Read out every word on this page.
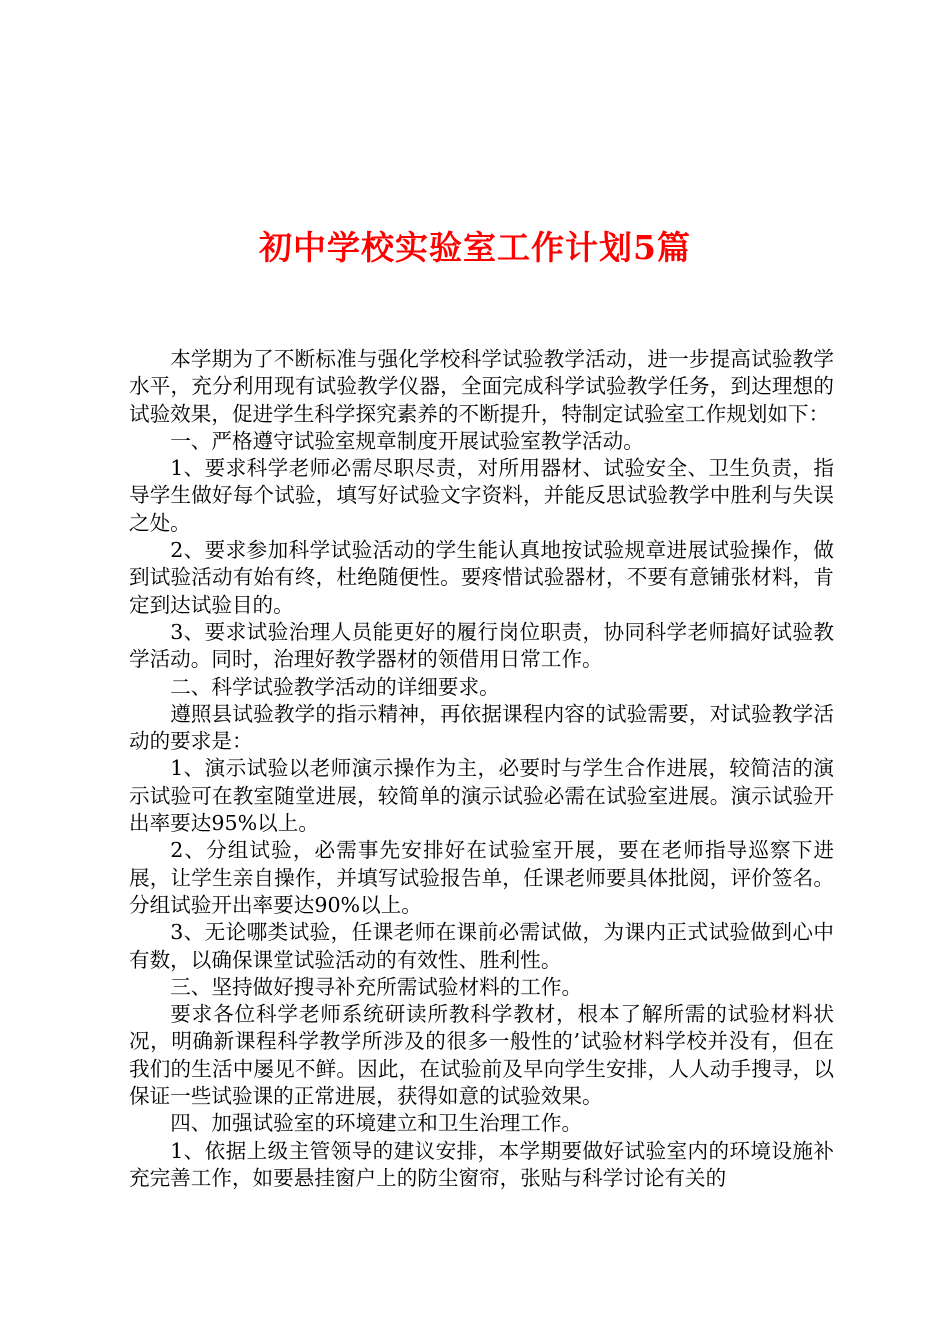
初中学校实验室工作计划5篇

本学期为了不断标准与强化学校科学试验教学活动，进一步提高试验教学水平，充分利用现有试验教学仪器，全面完成科学试验教学任务，到达理想的试验效果，促进学生科学探究素养的不断提升，特制定试验室工作规划如下：

一、严格遵守试验室规章制度开展试验室教学活动。

1、要求科学老师必需尽职尽责，对所用器材、试验安全、卫生负责，指导学生做好每个试验，填写好试验文字资料，并能反思试验教学中胜利与失误之处。

2、要求参加科学试验活动的学生能认真地按试验规章进展试验操作，做到试验活动有始有终，杜绝随便性。要疼惜试验器材，不要有意铺张材料，肯定到达试验目的。

3、要求试验治理人员能更好的履行岗位职责，协同科学老师搞好试验教学活动。同时，治理好教学器材的领借用日常工作。

二、科学试验教学活动的详细要求。

遵照县试验教学的指示精神，再依据课程内容的试验需要，对试验教学活动的要求是：

1、演示试验以老师演示操作为主，必要时与学生合作进展，较简洁的演示试验可在教室随堂进展，较简单的演示试验必需在试验室进展。演示试验开出率要达95%以上。

2、分组试验，必需事先安排好在试验室开展，要在老师指导巡察下进展，让学生亲自操作，并填写试验报告单，任课老师要具体批阅，评价签名。分组试验开出率要达90%以上。

3、无论哪类试验，任课老师在课前必需试做，为课内正式试验做到心中有数，以确保课堂试验活动的有效性、胜利性。

三、坚持做好搜寻补充所需试验材料的工作。

要求各位科学老师系统研读所教科学教材，根本了解所需的试验材料状况，明确新课程科学教学所涉及的很多一般性的’试验材料学校并没有，但在我们的生活中屡见不鲜。因此，在试验前及早向学生安排，人人动手搜寻，以保证一些试验课的正常进展，获得如意的试验效果。

四、加强试验室的环境建立和卫生治理工作。

1、依据上级主管领导的建议安排，本学期要做好试验室内的环境设施补充完善工作，如要悬挂窗户上的防尘窗帘，张贴与科学讨论有关的
